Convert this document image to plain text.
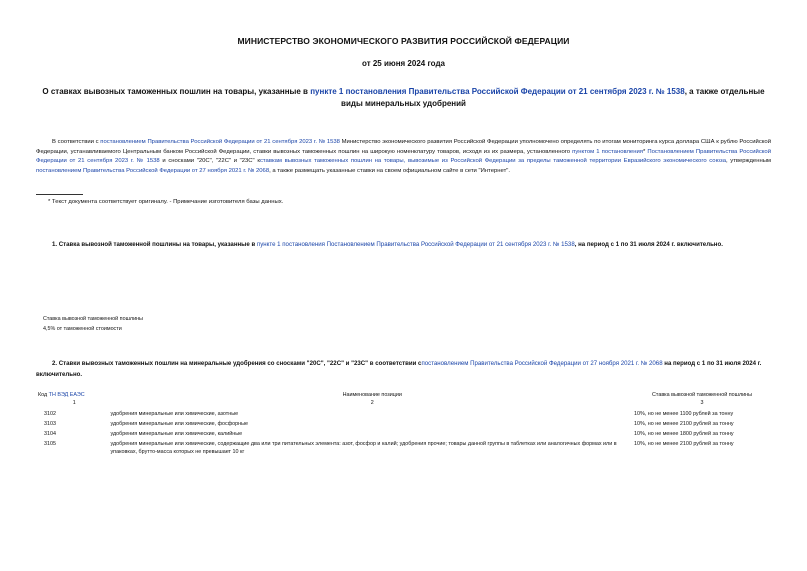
МИНИСТЕРСТВО ЭКОНОМИЧЕСКОГО РАЗВИТИЯ РОССИЙСКОЙ ФЕДЕРАЦИИ
от 25 июня 2024 года
О ставках вывозных таможенных пошлин на товары, указанные в пункте 1 постановления Правительства Российской Федерации от 21 сентября 2023 г. № 1538, а также отдельные виды минеральных удобрений
В соответствии с постановлением Правительства Российской Федерации от 21 сентября 2023 г. № 1538 Министерство экономического развития Российской Федерации уполномочено определять по итогам мониторинга курса доллара США к рублю Российской Федерации, устанавливаемого Центральным банком Российской Федерации, ставки вывозных таможенных пошлин на широкую номенклатуру товаров, исходя из их размера, установленного пунктом 1 постановления* Постановлением Правительства Российской Федерации от 21 сентября 2023 г. № 1538 и сносками "20С", "22С" и "23С" кставкам вывозных таможенных пошлин на товары, вывозимые из Российской Федерации за пределы таможенной территории Евразийского экономического союза, утвержденным постановлением Правительства Российской Федерации от 27 ноября 2021 г. № 2068, а также размещать указанные ставки на своем официальном сайте в сети "Интернет".
* Текст документа соответствует оригиналу. - Примечание изготовителя базы данных.
1. Ставка вывозной таможенной пошлины на товары, указанные в пункте 1 постановления Постановлением Правительства Российской Федерации от 21 сентября 2023 г. № 1538, на период с 1 по 31 июля 2024 г. включительно.
Ставка вывозной таможенной пошлины
4,5% от таможенной стоимости
2. Ставки вывозных таможенных пошлин на минеральные удобрения со сносками "20С", "22С" и "23С" в соответствии спостановлением Правительства Российской Федерации от 27 ноября 2021 г. № 2068 на период с 1 по 31 июля 2024 г. включительно.
Код ТН ВЭД ЕАЭС	Наименование позиции	Ставка вывозной таможенной пошлины
1	2	3
3102	удобрения минеральные или химические, азотные	10%, но не менее 1100 рублей за тонну
3103	удобрения минеральные или химические, фосфорные	10%, но не менее 2100 рублей за тонну
3104	удобрения минеральные или химические, калийные	10%, но не менее 1800 рублей за тонну
3105	удобрения минеральные или химические, содержащие два или три питательных элемента: азот, фосфор и калий; удобрения прочие; товары данной группы в таблетках или аналогичных формах или в упаковках, брутто-масса которых не превышает 10 кг	10%, но не менее 2100 рублей за тонну
